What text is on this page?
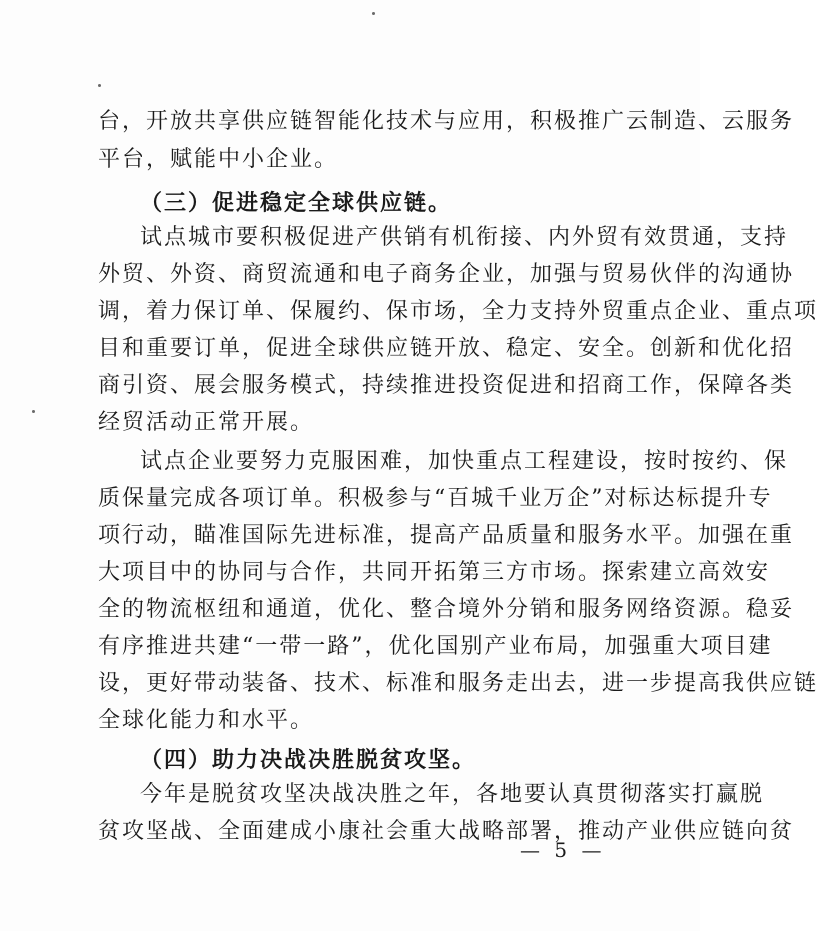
台，开放共享供应链智能化技术与应用，积极推广云制造、云服务
平台，赋能中小企业。
（三）促进稳定全球供应链。
试点城市要积极促进产供销有机衔接、内外贸有效贯通，支持
外贸、外资、商贸流通和电子商务企业，加强与贸易伙伴的沟通协
调，着力保订单、保履约、保市场，全力支持外贸重点企业、重点项
目和重要订单，促进全球供应链开放、稳定、安全。创新和优化招
商引资、展会服务模式，持续推进投资促进和招商工作，保障各类
经贸活动正常开展。
试点企业要努力克服困难，加快重点工程建设，按时按约、保
质保量完成各项订单。积极参与“百城千业万企”对标达标提升专
项行动，瞄准国际先进标准，提高产品质量和服务水平。加强在重
大项目中的协同与合作，共同开拓第三方市场。探索建立高效安
全的物流枢纽和通道，优化、整合境外分销和服务网络资源。稳妥
有序推进共建“一带一路”，优化国别产业布局，加强重大项目建
设，更好带动装备、技术、标准和服务走出去，进一步提高我供应链
全球化能力和水平。
（四）助力决战决胜脱贫攻坚。
今年是脱贫攻坚决战决胜之年，各地要认真贯彻落实打赢脱
贫攻坚战、全面建成小康社会重大战略部署，推动产业供应链向贫
— 5 —
